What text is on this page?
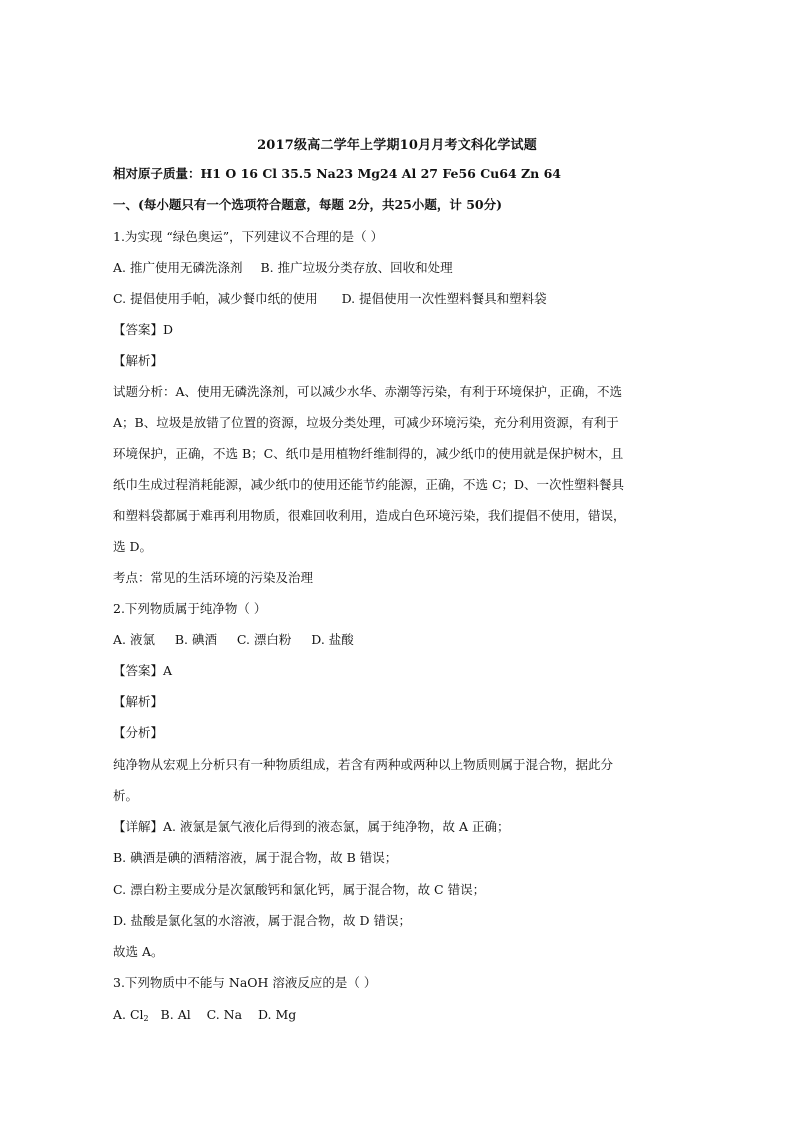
2017级高二学年上学期10月月考文科化学试题
相对原子质量：H1 O 16 Cl 35.5 Na23 Mg24 Al 27 Fe56 Cu64 Zn 64
一、(每小题只有一个选项符合题意，每题 2分，共25小题，计 50分)
1.为实现 “绿色奥运”，下列建议不合理的是（ ）
A. 推广使用无磷洗涤剂 B. 推广垃圾分类存放、回收和处理
C. 提倡使用手帕，减少餐巾纸的使用 D. 提倡使用一次性塑料餐具和塑料袋
【答案】D
【解析】
试题分析：A、使用无磷洗涤剂，可以减少水华、赤潮等污染，有利于环境保护，正确，不选
A；B、垃圾是放错了位置的资源，垃圾分类处理，可减少环境污染，充分利用资源，有利于
环境保护，正确，不选 B；C、纸巾是用植物纤维制得的，减少纸巾的使用就是保护树木，且
纸巾生成过程消耗能源，减少纸巾的使用还能节约能源，正确，不选 C；D、一次性塑料餐具
和塑料袋都属于难再利用物质，很难回收利用，造成白色环境污染，我们提倡不使用，错误，
选 D。
考点：常见的生活环境的污染及治理
2.下列物质属于纯净物（ ）
A. 液氯     B. 碘酒     C. 漂白粉     D. 盐酸
【答案】A
【解析】
【分析】
纯净物从宏观上分析只有一种物质组成，若含有两种或两种以上物质则属于混合物，据此分
析。
【详解】A. 液氯是氯气液化后得到的液态氯，属于纯净物，故 A 正确；
B. 碘酒是碘的酒精溶液，属于混合物，故 B 错误；
C. 漂白粉主要成分是次氯酸钙和氯化钙，属于混合物，故 C 错误；
D. 盐酸是氯化氢的水溶液，属于混合物，故 D 错误；
故选 A。
3.下列物质中不能与 NaOH 溶液反应的是（ ）
A. $Cl_2$   B. Al    C. Na    D. Mg
